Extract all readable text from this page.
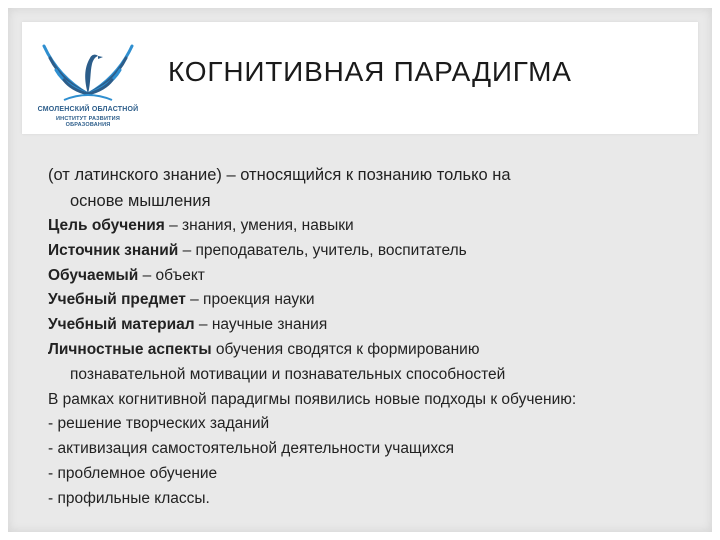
СМОЛЕНСКИЙ ОБЛАСТНОЙ
ИНСТИТУТ РАЗВИТИЯ ОБРАЗОВАНИЯ
КОГНИТИВНАЯ ПАРАДИГМА

(от латинского знание) – относящийся к познанию только на
основе мышления

Цель обучения – знания, умения, навыки

Источник знаний – преподаватель, учитель, воспитатель

Обучаемый – объект

Учебный предмет – проекция науки

Учебный материал – научные знания

Личностные аспекты обучения сводятся к формированию
познавательной мотивации и познавательных способностей

В рамках когнитивной парадигмы появились новые подходы к обучению:

- решение творческих заданий

- активизация самостоятельной деятельности учащихся

- проблемное обучение

- профильные классы.
